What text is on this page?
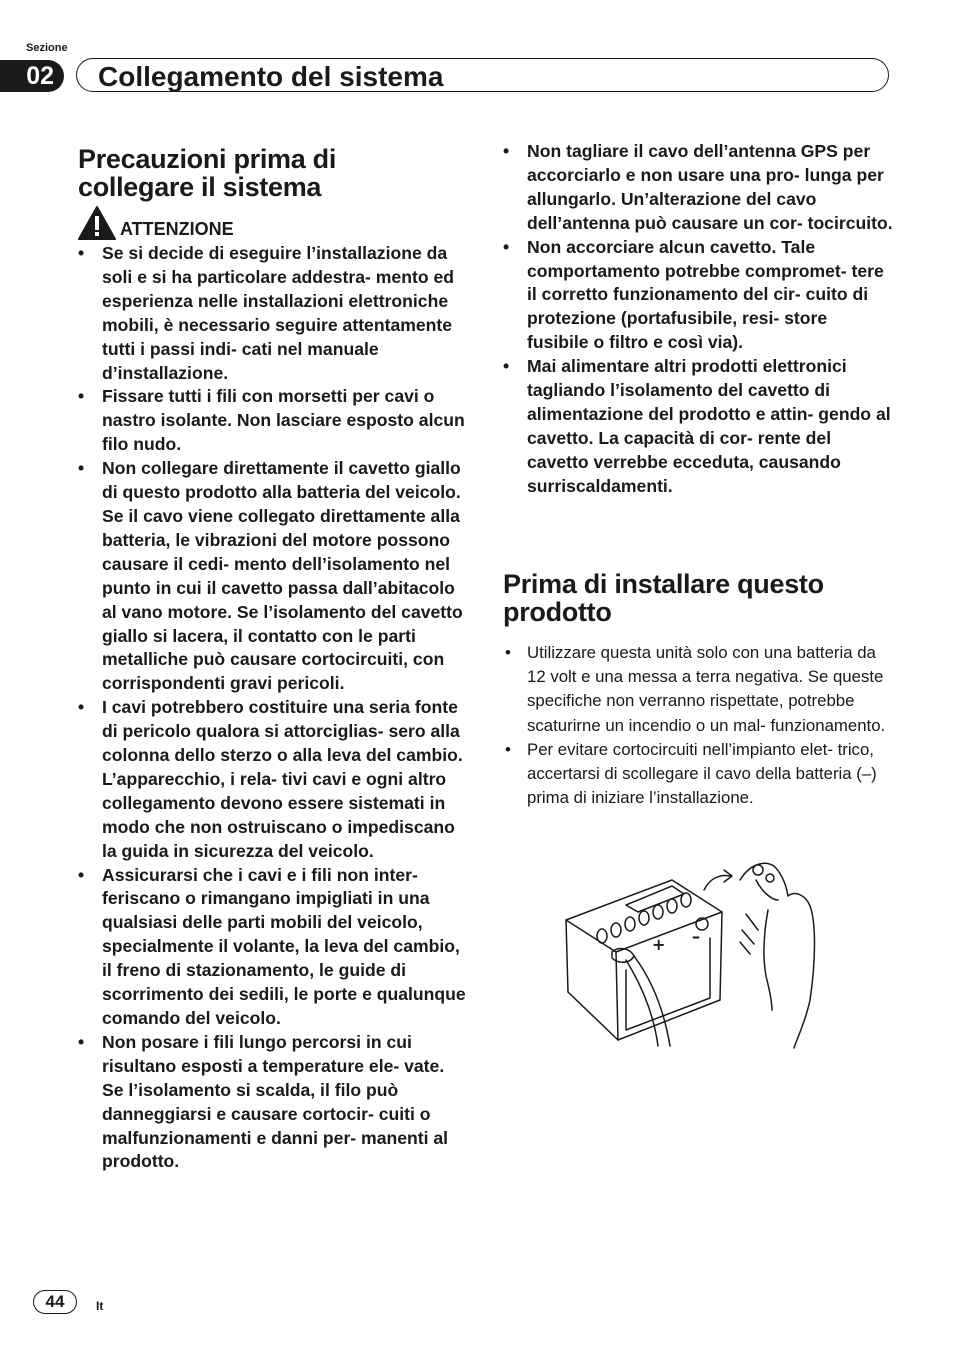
Sezione
02	Collegamento del sistema
Precauzioni prima di
collegare il sistema
ATTENZIONE
• Se si decide di eseguire l’installazione da soli e si ha particolare addestra- mento ed esperienza nelle installazioni elettroniche mobili, è necessario seguire attentamente tutti i passi indi- cati nel manuale d’installazione.
• Fissare tutti i fili con morsetti per cavi o nastro isolante. Non lasciare esposto alcun filo nudo.
• Non collegare direttamente il cavetto giallo di questo prodotto alla batteria del veicolo. Se il cavo viene collegato direttamente alla batteria, le vibrazioni del motore possono causare il cedi- mento dell’isolamento nel punto in cui il cavetto passa dall’abitacolo al vano motore. Se l’isolamento del cavetto giallo si lacera, il contatto con le parti metalliche può causare cortocircuiti, con corrispondenti gravi pericoli.
• I cavi potrebbero costituire una seria fonte di pericolo qualora si attorciglias- sero alla colonna dello sterzo o alla leva del cambio. L’apparecchio, i rela- tivi cavi e ogni altro collegamento devono essere sistemati in modo che non ostruiscano o impediscano la guida in sicurezza del veicolo.
• Assicurarsi che i cavi e i fili non inter- feriscano o rimangano impigliati in una qualsiasi delle parti mobili del veicolo, specialmente il volante, la leva del cambio, il freno di stazionamento, le guide di scorrimento dei sedili, le porte e qualunque comando del veicolo.
• Non posare i fili lungo percorsi in cui risultano esposti a temperature ele- vate. Se l’isolamento si scalda, il filo può danneggiarsi e causare cortocir- cuiti o malfunzionamenti e danni per- manenti al prodotto.
• Non tagliare il cavo dell’antenna GPS per accorciarlo e non usare una pro- lunga per allungarlo. Un’alterazione del cavo dell’antenna può causare un cor- tocircuito.
• Non accorciare alcun cavetto. Tale comportamento potrebbe compromet- tere il corretto funzionamento del cir- cuito di protezione (portafusibile, resi- store fusibile o filtro e così via).
• Mai alimentare altri prodotti elettronici tagliando l’isolamento del cavetto di alimentazione del prodotto e attin- gendo al cavetto. La capacità di cor- rente del cavetto verrebbe ecceduta, causando surriscaldamenti.
Prima di installare questo
prodotto
• Utilizzare questa unità solo con una batteria da 12 volt e una messa a terra negativa. Se queste specifiche non verranno rispettate, potrebbe scaturirne un incendio o un mal- funzionamento.
• Per evitare cortocircuiti nell’impianto elet- trico, accertarsi di scollegare il cavo della batteria (–) prima di iniziare l’installazione.
+ –
44	It
